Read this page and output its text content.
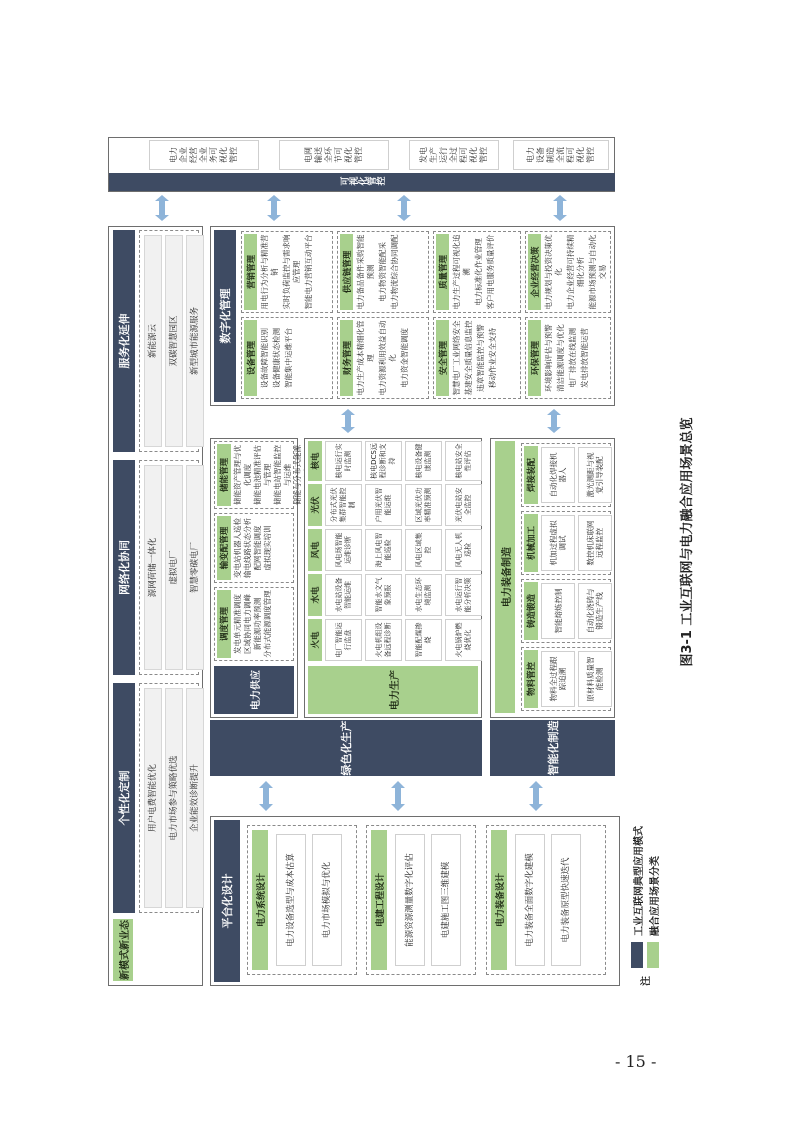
新模式新业态
个性化定制	用户电费智能优化	电力市场参与策略优选	企业能效诊断提升
网络化协同	源网荷储一体化	虚拟电厂	智慧零碳电厂
服务化延伸	新能源云	双碳智慧园区	新型城市能源服务
平台化设计	电力系统设计	电力设备选型与成本估算	电力市场模拟与优化	电建工程设计	能源资源测量数字化评估	电建施工图三维建模	电力装备设计	电力装备全面数字化建模	电力装备原型快速迭代
绿色化生产
电力供应
调度管理 发电单元精准调度 区域协同电力调峰 新能源功率预测 分布式能源调度管理
输变配管理 变电站机器人巡检 输电线路状态分析 配网智能调度 虚拟现实培训
储能管理 储能资产管理与优化调度 储能电池精准评估与管理 储能电站智能监控与运维
储能与分布式能源
电力生产
火电	电厂智能运行监盘	火电机组设备远程诊断	智能配煤掺烧	火电锅炉燃烧优化
水电	水电站设备智能运维	智能水文气象预报	水电生态环境监测	水电运行智能分析决策
风电	风电场智能运维诊断	海上风电智能巡检	风电区域集控	风电无人机巡检
光伏	分布式光伏集群智能控制	户用光伏智能运维	区域光伏功率精准预测	光伏电站安全监控
核电	核电运行实时监测	核电DCS远程诊断和支持	核电设备健康监测	核电站安全性评估
智能化制造
电力装备制造
物料管控	物料全过程跟踪追溯	原材料质量智能检测
铸造锻造	智能熔炼控制	自动化浇铸与锻造生产线
机械加工	机加过程虚拟调试	数控机床联网远程监控
焊接装配	自动化焊接机器人	激光测距与视觉引导装配
数字化管理
设备管理 设备故障智能识别 设备健康状态检测 智能集中运维平台
营销管理 用电行为分析与精准营销 实时负荷监控与需求响应管理 智能电力营销互动平台
财务管理 电力生产成本精细化管理 电力资源利用效益自动化 电力资金智能调度
供应链管理 电力备品备件采购智能预测 电力物资智能配采 电力物流综合协同调配
安全管理 智慧电厂工业网络安全 基建安全质量信息监控 违章智能监控与预警 移动作业安全支持
质量管理 电力生产过程可视化追溯 电力标准化作业管理 客户用电服务质量评价
环保管理 环境影响评估与预警 清洁能源调度与优化 电厂排放在线监测 发电排放智能运营
企业经营决策 电力规划与投资决策优化 电力企业经营可持续精细化分析 能源市场预测与自动化交易
可视化管控
电力企业经营全业务可视化管控	电网输送全环节可视化管控	发电生产运行全过程可视化管控	电力设备制造全流程可视化管控
注
工业互联网典型应用模式 融合应用场景分类
图3-1 工业互联网与电力融合应用场景总览
- 15 -
